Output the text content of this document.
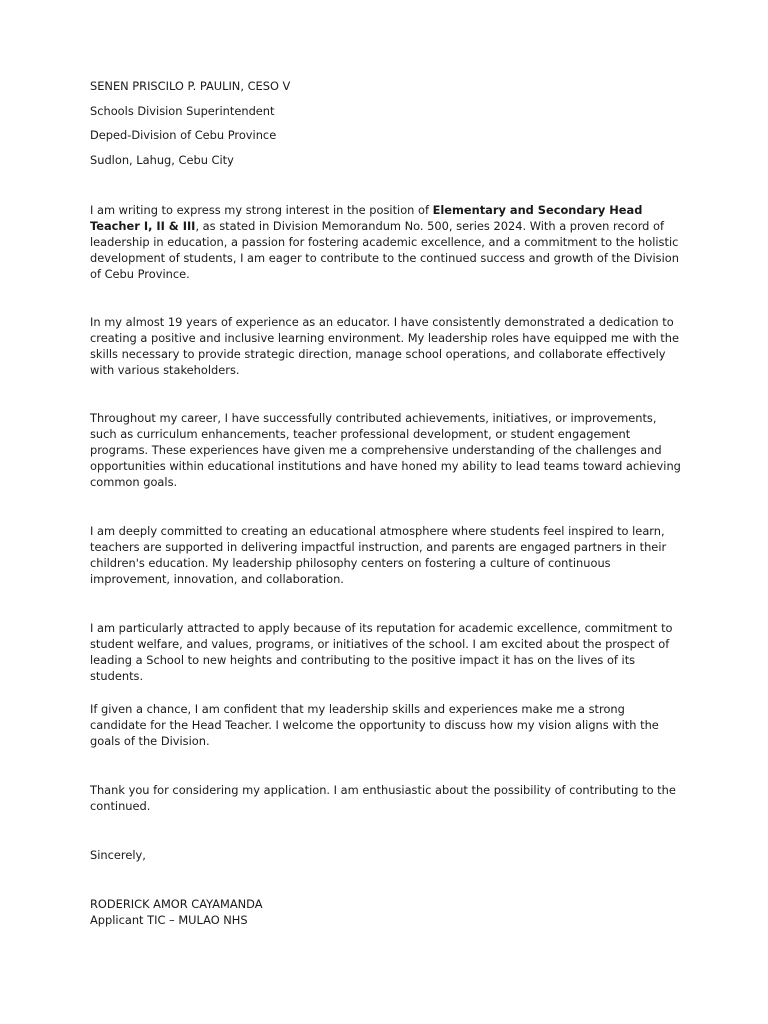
SENEN PRISCILO P. PAULIN, CESO V

Schools Division Superintendent

Deped-Division of Cebu Province

Sudlon, Lahug, Cebu City

I am writing to express my strong interest in the position of Elementary and Secondary Head Teacher I, II & III, as stated in Division Memorandum No. 500, series 2024. With a proven record of leadership in education, a passion for fostering academic excellence, and a commitment to the holistic development of students, I am eager to contribute to the continued success and growth of the Division of Cebu Province.

In my almost 19 years of experience as an educator. I have consistently demonstrated a dedication to creating a positive and inclusive learning environment. My leadership roles have equipped me with the skills necessary to provide strategic direction, manage school operations, and collaborate effectively with various stakeholders.

Throughout my career, I have successfully contributed achievements, initiatives, or improvements, such as curriculum enhancements, teacher professional development, or student engagement programs. These experiences have given me a comprehensive understanding of the challenges and opportunities within educational institutions and have honed my ability to lead teams toward achieving common goals.

I am deeply committed to creating an educational atmosphere where students feel inspired to learn, teachers are supported in delivering impactful instruction, and parents are engaged partners in their children's education. My leadership philosophy centers on fostering a culture of continuous improvement, innovation, and collaboration.

I am particularly attracted to apply because of its reputation for academic excellence, commitment to student welfare, and values, programs, or initiatives of the school. I am excited about the prospect of leading a School to new heights and contributing to the positive impact it has on the lives of its students.

If given a chance, I am confident that my leadership skills and experiences make me a strong candidate for the Head Teacher. I welcome the opportunity to discuss how my vision aligns with the goals of the Division.

Thank you for considering my application. I am enthusiastic about the possibility of contributing to the continued.

Sincerely,

RODERICK AMOR CAYAMANDA

Applicant TIC – MULAO NHS
